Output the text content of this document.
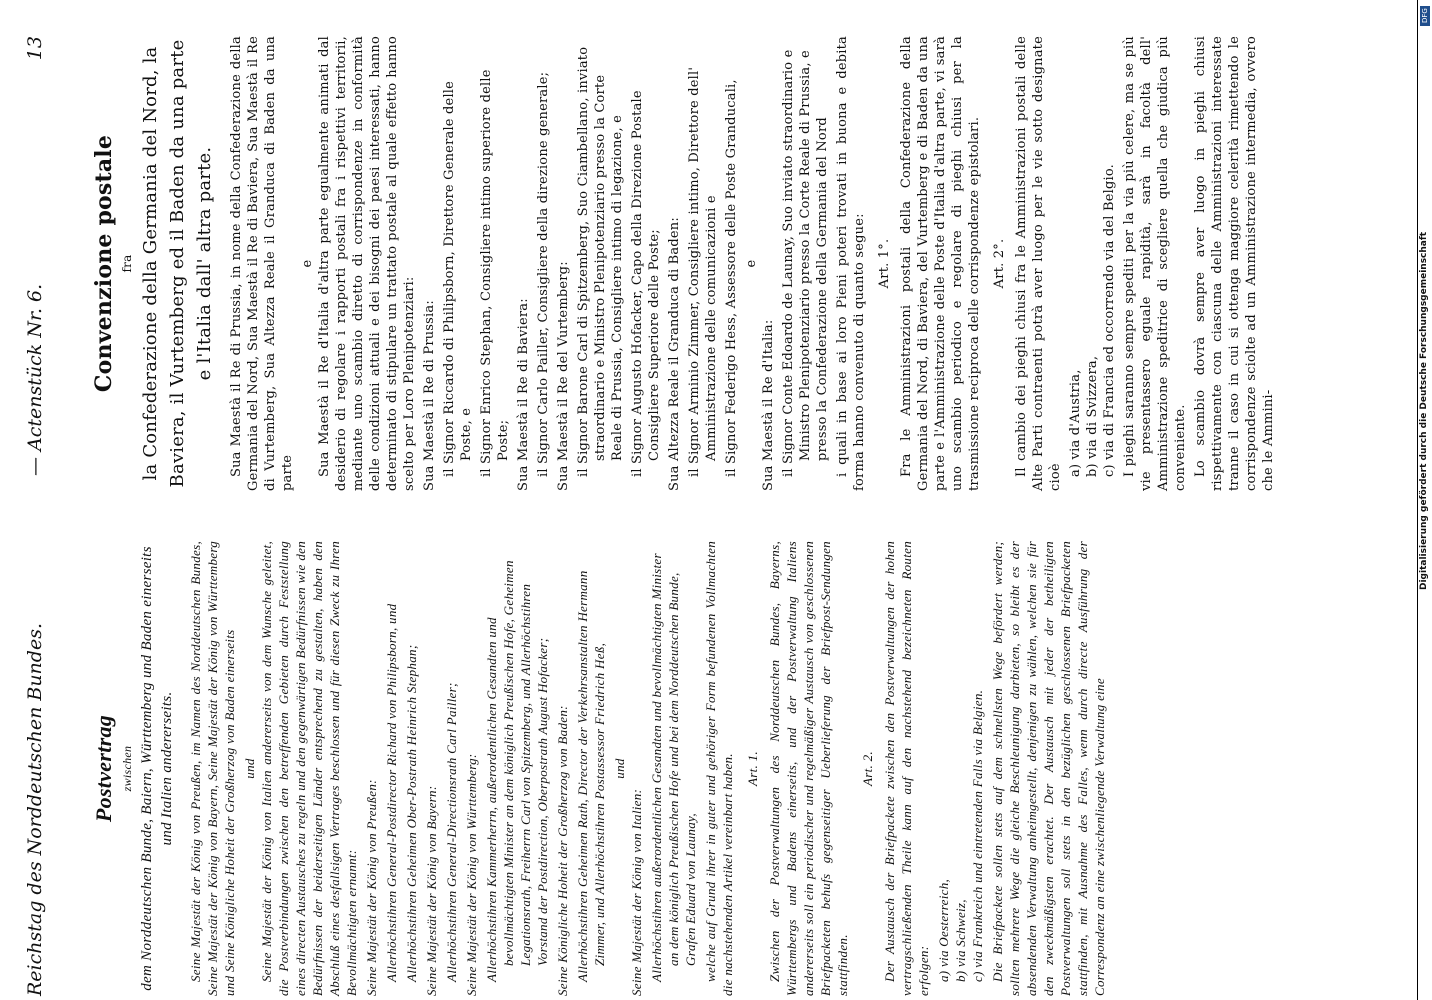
Reichstag des Norddeutschen Bundes.
— Actenstück Nr. 6.
13
Postvertrag zwischen dem Norddeutschen Bunde, Baiern, Württemberg und Baden einerseits und Italien andererseits. Seine Majestät der König von Preußen, im Namen des Norddeutschen Bundes, Seine Majestät der König von Bayern, Seine Majestät der König von Württemberg und Seine Königliche Hoheit der Großherzog von Baden einerseits und Seine Majestät der König von Italien andererseits von dem Wunsche geleitet, die Postverbindungen zwischen den betreffenden Gebieten durch Feststellung eines directen Austausches zu regeln und den gegenwärtigen Bedürfnissen wie den Bedürfnissen der beiderseitigen Länder entsprechend zu gestalten, haben den Abschluß eines desfallsigen Vertrages beschlossen und für diesen Zweck zu Ihren Bevollmächtigten ernannt: Seine Majestät der König von Preußen: Allerhöchstihren General-Postdirector Richard von Philipsborn, und Allerhöchstihren Geheimen Ober-Postrath Heinrich Stephan; Seine Majestät der König von Bayern: Allerhöchstihren General-Directionsrath Carl Pailler; Seine Majestät der König von Württemberg: Allerhöchstihren Kammerherrn, außerordentlichen Gesandten und bevollmächtigten Minister an dem königlich Preußischen Hofe, Geheimen Legationsrath, Freiherrn Carl von Spitzemberg, und Allerhöchstihren Vorstand der Postdirection, Oberpostrath August Hofacker; Seine Königliche Hoheit der Großherzog von Baden: Allerhöchstihren Geheimen Rath, Director der Verkehrsanstalten Hermann Zimmer, und Allerhöchstihren Postassessor Friedrich Heß, und

Seine Majestät der König von Italien: Allerhöchstihren außerordentlichen Gesandten und bevollmächtigten Minister an dem königlich Preußischen Hofe und bei dem Norddeutschen Bunde, Grafen Eduard von Launay, welche auf Grund ihrer in guter und gehöriger Form befundenen Vollmachten die nachstehenden Artikel vereinbart haben. Art. 1. Zwischen der Postverwaltungen des Norddeutschen Bundes, Bayerns, Württembergs und Badens einerseits, und der Postverwaltung Italiens andererseits soll ein periodischer und regelmäßiger Austausch von geschlossenen Briefpacketen behufs gegenseitiger Ueberlieferung der Briefpost-Sendungen stattfinden.

Art. 2. Der Austausch der Briefpackete zwischen den Postverwaltungen der hohen vertragschließenden Theile kann auf den nachstehend bezeichneten Routen erfolgen: a) via Oesterreich, b) via Schweiz, c) via Frankreich und eintretenden Falls via Belgien. Die Briefpackete sollen stets auf dem schnellsten Wege befördert werden; sollten mehrere Wege die gleiche Beschleunigung darbieten, so bleibt es der absendenden Verwaltung anheimgestellt, denjenigen zu wählen, welchen sie für den zweckmäßigsten erachtet. Der Austausch mit jeder der betheiligten Postverwaltungen soll stets in den bezüglichen geschlossenen Briefpacketen stattfinden, mit Ausnahme des Falles, wenn durch directe Ausführung der Correspondenz an eine zwischenliegende Verwaltung eine

Convenzione postale fra la Confederazione della Germania del Nord, la Baviera, il Vurtemberg ed il Baden da una parte e l'Italia dall' altra parte. Sua Maestà il Re di Prussia, in nome della Confederazione della Germania del Nord, Sua Maestà il Re di Baviera, Sua Maestà il Re di Vurtemberg, Sua Altezza Reale il Granduca di Baden da una parte

e Sua Maestà il Re d'Italia d'altra parte egualmente animati dal desiderio di regolare i rapporti postali fra i rispettivi territorii, mediante uno scambio diretto di corrispondenze in conformità delle condizioni attuali e dei bisogni dei paesi interessati, hanno determinato di stipulare un trattato postale al quale effetto hanno scelto per Loro Plenipotenziari: Sua Maestà il Re di Prussia: il Signor Riccardo di Philipsborn, Direttore Generale delle Poste, e il Signor Enrico Stephan, Consigliere intimo superiore delle Poste; Sua Maestà il Re di Baviera: il Signor Carlo Pailler, Consigliere della direzione generale; Sua Maestà il Re del Vurtemberg: il Signor Barone Carl di Spitzemberg, Suo Ciambellano, inviato straordinario e Ministro Plenipotenziario presso la Corte Reale di Prussia, Consigliere intimo di legazione, e il Signor Augusto Hofacker, Capo della Direzione Postale Consigliere Superiore delle Poste; Sua Altezza Reale il Granduca di Baden: il Signor Arminio Zimmer, Consigliere intimo, Direttore dell' Amministrazione delle comunicazioni e il Signor Federigo Hess, Assessore delle Poste Granducali, e

Sua Maestà il Re d'Italia: il Signor Conte Edoardo de Launay, Suo inviato straordinario e Ministro Plenipotenziario presso la Corte Reale di Prussia, e presso la Confederazione della Germania del Nord i quali in base ai loro Pieni poteri trovati in buona e debita forma hanno convenuto di quanto segue: Art. 1°. Fra le Amministrazioni postali della Confederazione della Germania del Nord, di Baviera, del Vurtemberg e di Baden da una parte e l'Amministrazione delle Poste d'Italia d'altra parte, vi sarà uno scambio periodico e regolare di pieghi chiusi per la trasmissione reciproca delle corrispondenze epistolari. Art. 2°. Il cambio dei pieghi chiusi fra le Amministrazioni postali delle Alte Parti contraenti potrà aver luogo per le vie sotto designate cioè

a) via d'Austria, b) via di Svizzera, c) via di Francia ed occorrendo via del Belgio. I pieghi saranno sempre spediti per la via più celere, ma se più vie presentassero eguale rapidità, sarà in facoltà dell' Amministrazione speditrice di scegliere quella che giudica più conveniente. Lo scambio dovrà sempre aver luogo in pieghi chiusi rispettivamente con ciascuna delle Amministrazioni interessate tranne il caso in cui si ottenga maggiore celerità rimettendo le corrispondenze sciolte ad un Amministrazione intermedia, ovvero che le Ammini-

DFG
Digitalisierung gefördert durch die Deutsche Forschungsgemeinschaft
